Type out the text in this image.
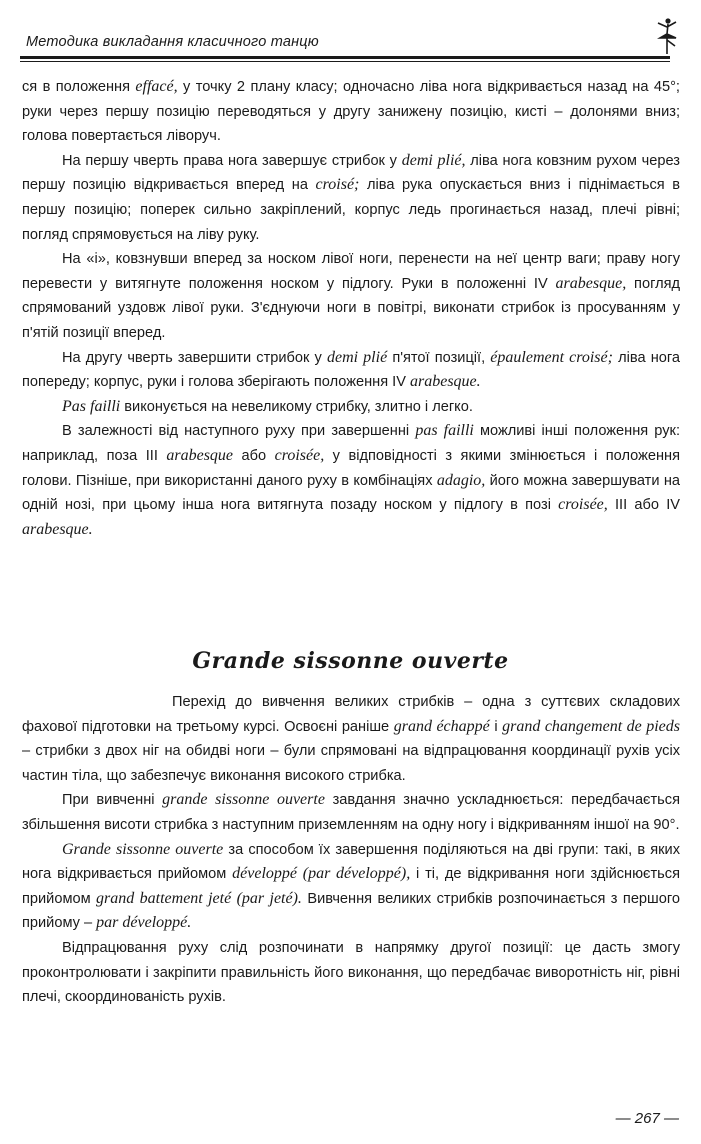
Методика викладання класичного танцю

ся в положення effacé, у точку 2 плану класу; одночасно ліва нога відкривається назад на 45°; руки через першу позицію переводяться у другу занижену позицію, кисті – долонями вниз; голова повертається ліворуч.

На першу чверть права нога завершує стрибок у demi plié, ліва нога ковзним рухом через першу позицію відкривається вперед на croisé; ліва рука опускається вниз і піднімається в першу позицію; поперек сильно закріплений, корпус ледь прогинається назад, плечі рівні; погляд спрямовується на ліву руку.

На «і», ковзнувши вперед за носком лівої ноги, перенести на неї центр ваги; праву ногу перевести у витягнуте положення носком у підлогу. Руки в положенні IV arabesque, погляд спрямований уздовж лівої руки. З'єднуючи ноги в повітрі, виконати стрибок із просуванням у п'ятій позиції вперед.

На другу чверть завершити стрибок у demi plié п'ятої позиції, épaulement croisé; ліва нога попереду; корпус, руки і голова зберігають положення IV arabesque.

Pas failli виконується на невеликому стрибку, злитно і легко.

В залежності від наступного руху при завершенні pas failli можливі інші положення рук: наприклад, поза III arabesque або croisée, у відповідності з якими змінюється і положення голови. Пізніше, при використанні даного руху в комбінаціях adagio, його можна завершувати на одній нозі, при цьому інша нога витягнута позаду носком у підлогу в позі croisée, III або IV arabesque.

Grande sissonne ouverte

Перехід до вивчення великих стрибків – одна з суттєвих складових фахової підготовки на третьому курсі. Освоєні раніше grand échappé і grand changement de pieds – стрибки з двох ніг на обидві ноги – були спрямовані на відпрацювання координації рухів усіх частин тіла, що забезпечує виконання високого стрибка.

При вивченні grande sissonne ouverte завдання значно ускладнюється: передбачається збільшення висоти стрибка з наступним приземленням на одну ногу і відкриванням іншої на 90°.

Grande sissonne ouverte за способом їх завершення поділяються на дві групи: такі, в яких нога відкривається прийомом développé (par développé), і ті, де відкривання ноги здійснюється прийомом grand battement jeté (par jeté). Вивчення великих стрибків розпочинається з першого прийому – par développé.

Відпрацювання руху слід розпочинати в напрямку другої позиції: це дасть змогу проконтролювати і закріпити правильність його виконання, що передбачає виворотність ніг, рівні плечі, скоординованість рухів.

— 267 —
